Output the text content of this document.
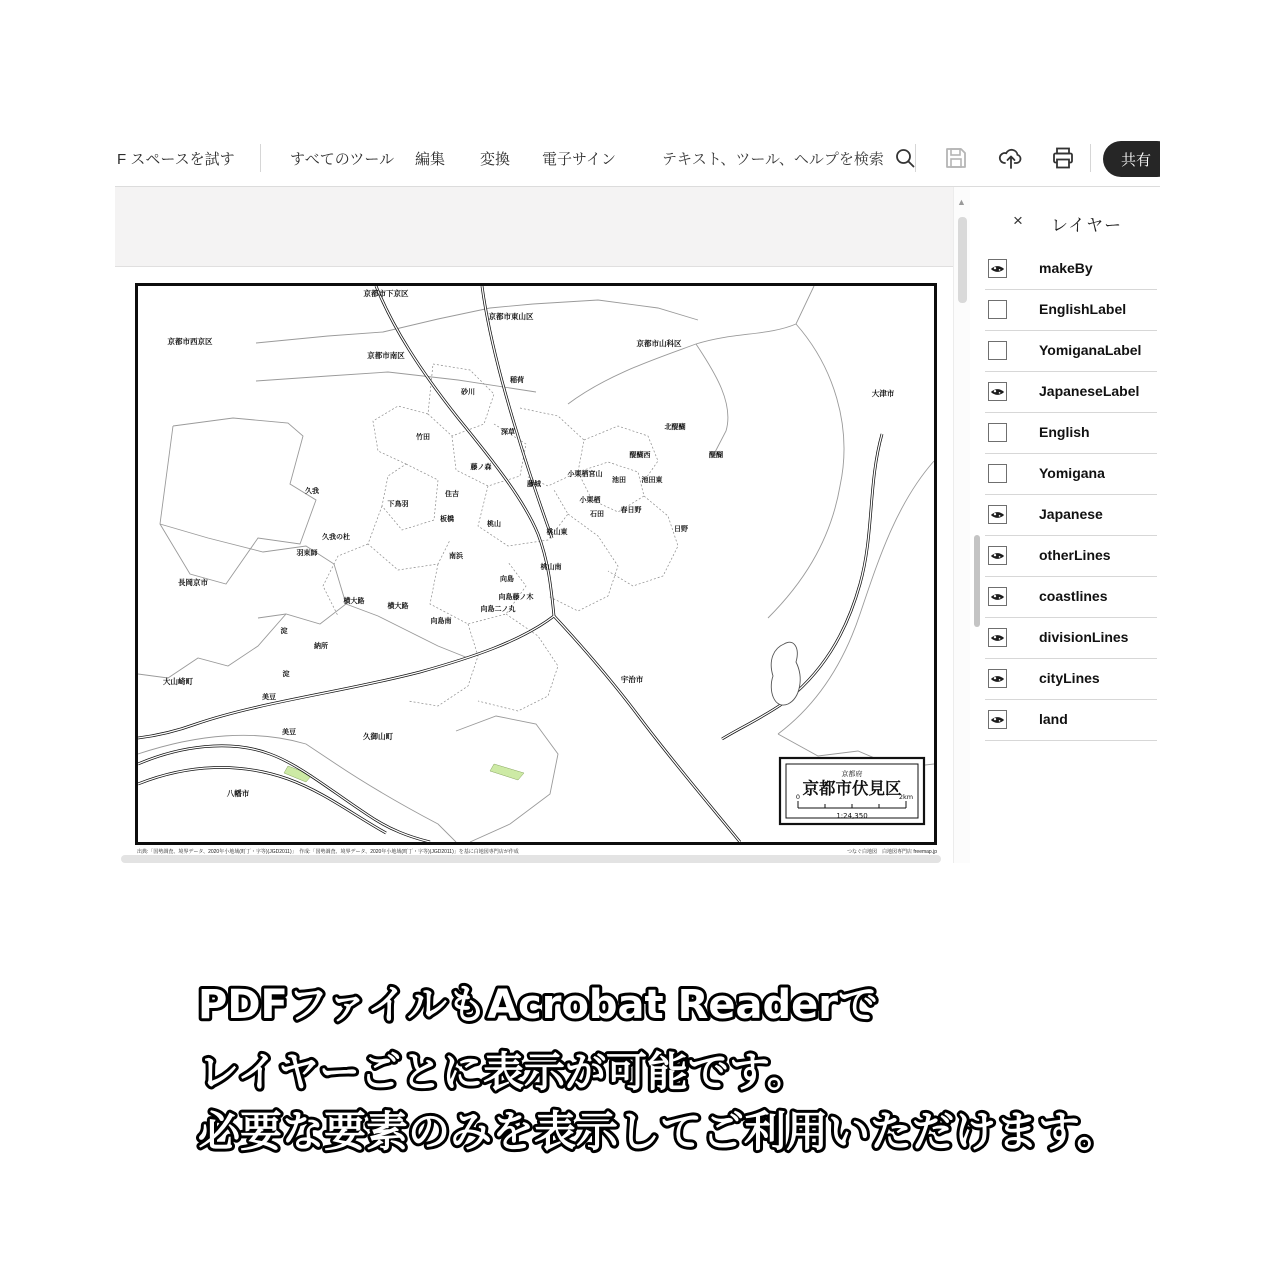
F スペースを試す	すべてのツール 編集 変換 電子サイン	テキスト、ツール、ヘルプを検索	共有
京都市下京区
京都市東山区
京都市西京区
京都市南区
京都市山科区
大津市
砂川
稲荷
深草
竹田
藤ノ森
藤城
小栗栖宮山
北醍醐
醍醐西	醍醐
池田 池田東
小栗栖
石田 春日野
日野
下鳥羽
住吉
板橋
桃山
桃山東
南浜
桃山南
向島
向島藤ノ木
向島二ノ丸
向島南
久我
久我の杜
羽束師
長岡京市
横大路
横大路
淀
納所
淀
大山崎町
美豆
美豆	久御山町
八幡市
宇治市
京都府
京都市伏見区
0	2km
1:24,350
出典:「国勢調査、境界データ、2020年小地域(町丁・字等)(JGD2011)」　作成:「国勢調査、境界データ、2020年小地域(町丁・字等)(JGD2011)」を基に白地図専門店が作成	つなぐ白地図　白地図専門店 freemap.jp
▲
× レイヤー
makeBy
EnglishLabel
YomiganaLabel
JapaneseLabel
English
Yomigana
Japanese
otherLines
coastlines
divisionLines
cityLines
land
PDFファイルもAcrobat Readerで
レイヤーごとに表示が可能です。
必要な要素のみを表示してご利用いただけます。
